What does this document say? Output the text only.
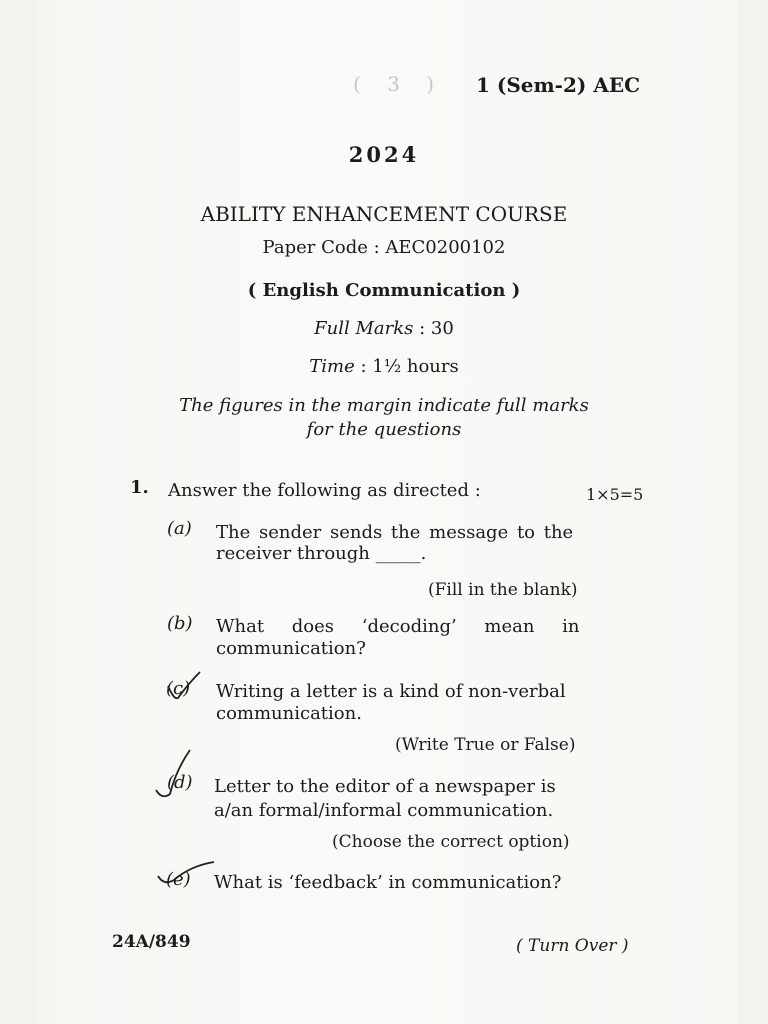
( 3 ) 1 (Sem-2) AEC
2024
ABILITY ENHANCEMENT COURSE
Paper Code : AEC0200102
( English Communication )
Full Marks : 30
Time : 1½ hours
The figures in the margin indicate full marks
for the questions
1. Answer the following as directed :	1×5=5
(a) The sender sends the message to the
receiver through _____.
(Fill in the blank)
(b) What does ‘decoding’ mean in
communication?
(c) Writing a letter is a kind of non-verbal
communication.
(Write True or False)
(d) Letter to the editor of a newspaper is
a/an formal/informal communication.
(Choose the correct option)
(e) What is ‘feedback’ in communication?
24A/849	( Turn Over )
